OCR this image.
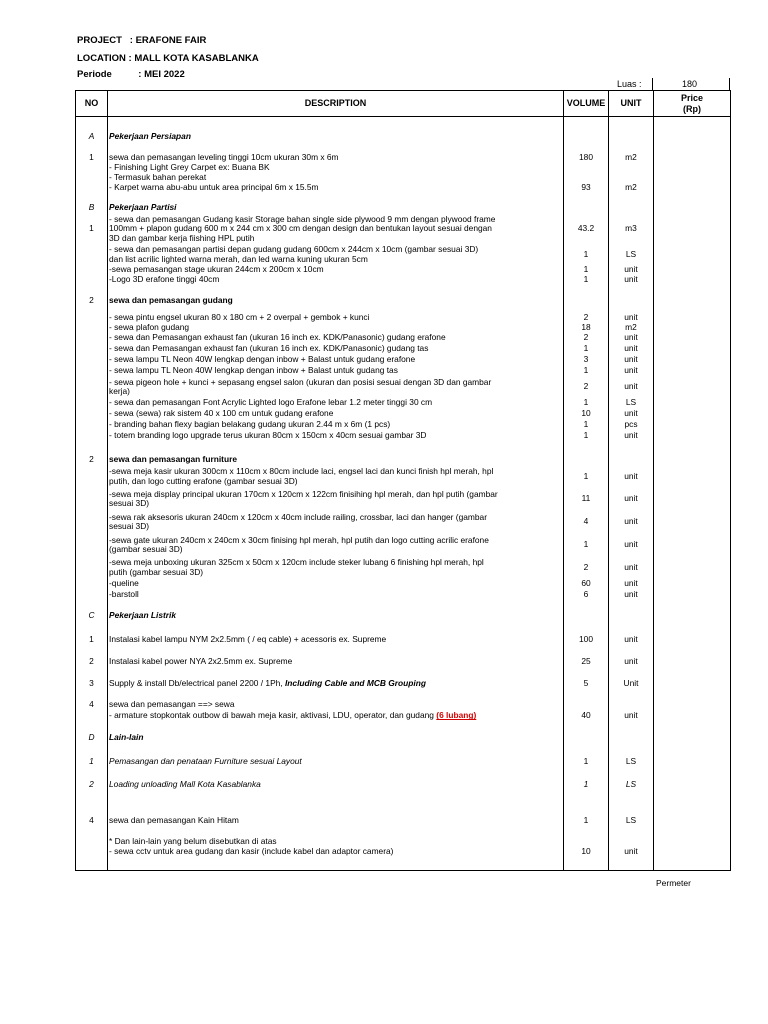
PROJECT : ERAFONE FAIR
LOCATION : MALL KOTA KASABLANKA
Periode	: MEI 2022
Luas :	180
NO	DESCRIPTION	VOLUME	UNIT	Price
(Rp)

A	Pekerjaan Persiapan			

1	sewa dan pemasangan leveling tinggi 10cm ukuran 30m x 6m	180	m2	
	- Finishing Light Grey Carpet ex: Buana BK			
	- Termasuk bahan perekat			
	- Karpet warna abu-abu untuk area principal 6m x 15.5m	93	m2	

B	Pekerjaan Partisi			
1	- sewa dan pemasangan Gudang kasir Storage bahan single side plywood 9 mm dengan plywood frame
100mm + plapon gudang 600 m x 244 cm x 300 cm dengan design dan bentukan layout sesuai dengan
3D dan gambar kerja fiishing HPL putih	43.2	m3	
	- sewa dan pemasangan partisi depan gudang gudang 600cm x 244cm x 10cm (gambar sesuai 3D)
dan list acrilic lighted warna merah, dan led warna kuning ukuran 5cm	1	LS	
	-sewa pemasangan stage ukuran 244cm x 200cm x 10cm	1	unit	
	-Logo 3D erafone tinggi 40cm	1	unit	

2	sewa dan pemasangan gudang			

	- sewa pintu engsel ukuran 80 x 180 cm + 2 overpal + gembok + kunci	2	unit	
	- sewa plafon gudang	18	m2	
	- sewa dan Pemasangan exhaust fan (ukuran 16 inch ex. KDK/Panasonic) gudang erafone	2	unit	
	- sewa dan Pemasangan exhaust fan (ukuran 16 inch ex. KDK/Panasonic) gudang tas	1	unit	
	- sewa lampu TL Neon 40W lengkap dengan inbow + Balast untuk gudang erafone	3	unit	
	- sewa lampu TL Neon 40W lengkap dengan inbow + Balast untuk gudang tas	1	unit	
	- sewa pigeon hole + kunci + sepasang engsel salon (ukuran dan posisi sesuai dengan 3D dan gambar
kerja)	2	unit	
	- sewa dan pemasangan Font Acrylic Lighted logo Erafone lebar 1.2 meter tinggi 30 cm	1	LS	
	- sewa (sewa) rak sistem 40 x 100 cm untuk gudang erafone	10	unit	
	- branding bahan flexy bagian belakang gudang ukuran 2.44 m x 6m (1 pcs)	1	pcs	
	- totem branding logo upgrade terus ukuran 80cm x 150cm x 40cm sesuai gambar 3D	1	unit	

2	sewa dan pemasangan furniture			
	-sewa meja kasir ukuran 300cm x 110cm x 80cm include laci, engsel laci dan kunci finish hpl merah, hpl
putih, dan logo cutting erafone (gambar sesuai 3D)	1	unit	
	-sewa meja display principal ukuran 170cm x 120cm x 122cm finisihing hpl merah, dan hpl putih (gambar
sesuai 3D)	11	unit	
	-sewa rak aksesoris ukuran 240cm x 120cm x 40cm include railing, crossbar, laci dan hanger (gambar
sesuai 3D)	4	unit	
	-sewa gate ukuran 240cm x 240cm x 30cm finising hpl merah, hpl putih dan logo cutting acrilic erafone
(gambar sesuai 3D)	1	unit	
	-sewa meja unboxing ukuran 325cm x 50cm x 120cm include steker lubang 6 finishing hpl merah, hpl
putih (gambar sesuai 3D)	2	unit	
	-queline	60	unit	
	-barstoll	6	unit	

C	Pekerjaan Listrik			

1	Instalasi kabel lampu NYM 2x2.5mm ( / eq cable) + acessoris ex. Supreme	100	unit	

2	Instalasi kabel power NYA 2x2.5mm ex. Supreme	25	unit	

3	Supply & install Db/electrical panel 2200 / 1Ph, Including Cable and MCB Grouping	5	Unit	

4	sewa dan pemasangan ==> sewa			
	- armature stopkontak outbow di bawah meja kasir, aktivasi, LDU, operator, dan gudang (6 lubang)	40	unit	

D	Lain-lain			

1	Pemasangan dan penataan Furniture sesuai Layout	1	LS	

2	Loading unloading Mall Kota Kasablanka	1	LS	

4	sewa dan pemasangan Kain Hitam	1	LS	

	* Dan lain-lain yang belum disebutkan di atas			
	- sewa cctv untuk area gudang dan kasir (include kabel dan adaptor camera)	10	unit	

Permeter
